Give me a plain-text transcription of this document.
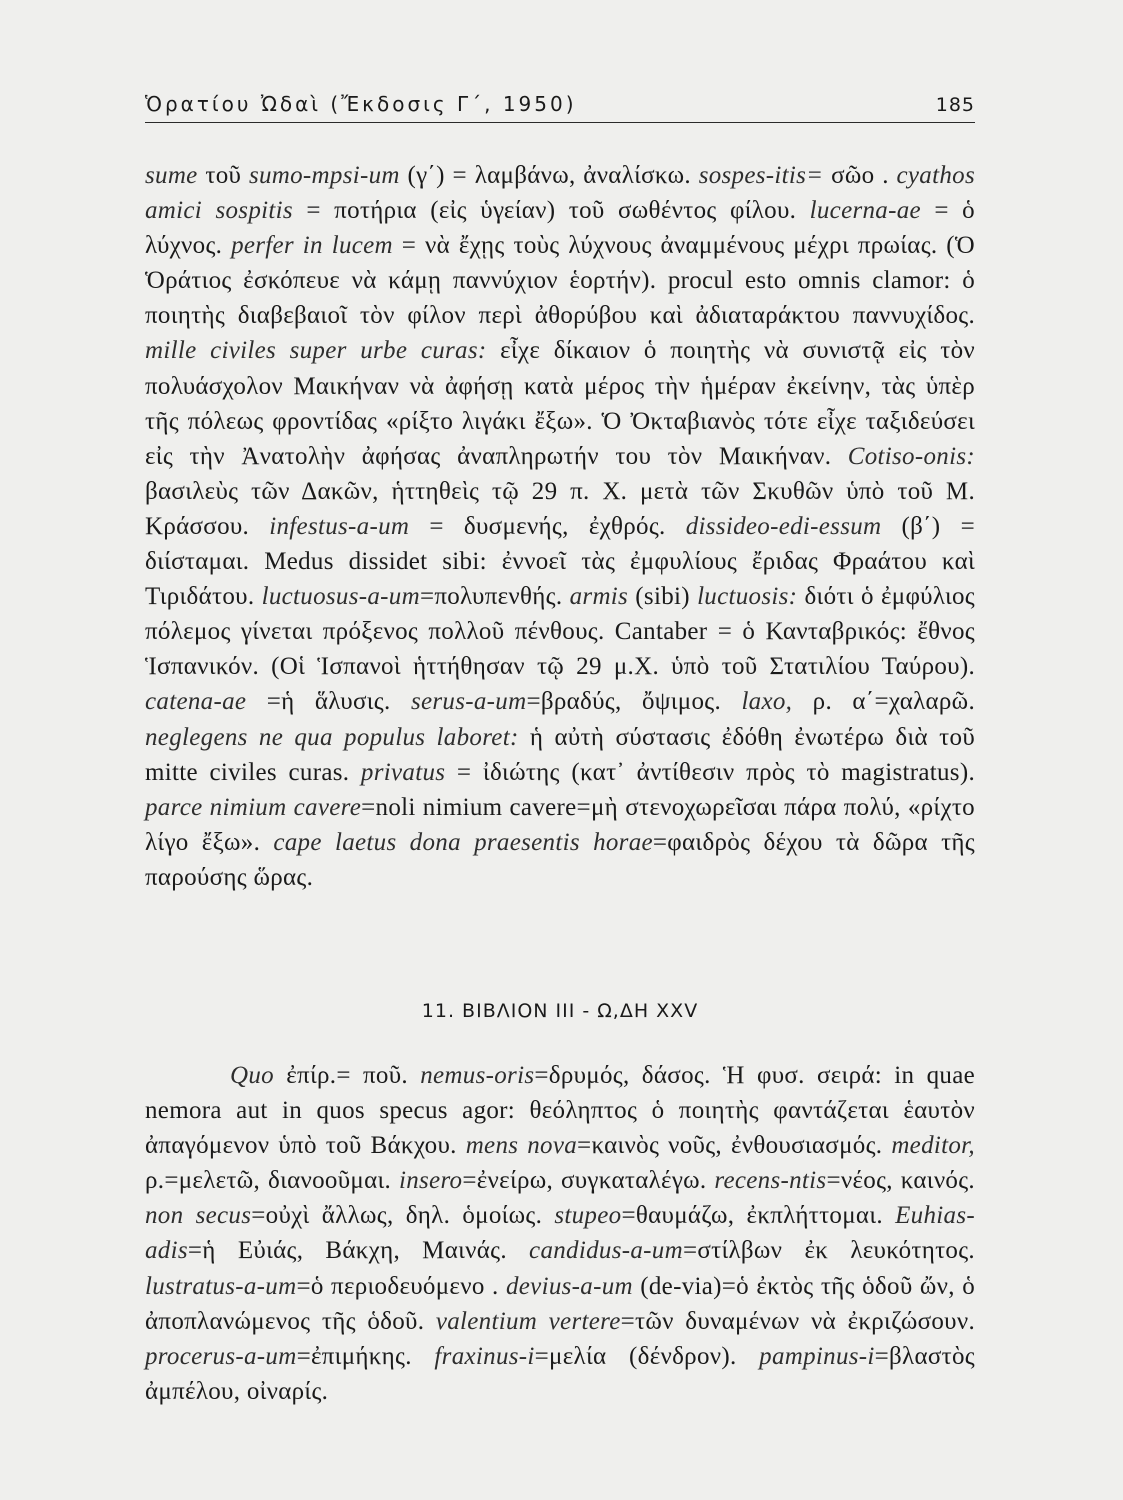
Ὁρατίου Ὠδαὶ (Ἔκδοσις Γ΄, 1950)	185

sume τοῦ sumo-mpsi-um (γ΄) = λαμβάνω, ἀναλίσκω. sospes-itis= σῶο . cyathos amici sospitis = ποτήρια (εἰς ὑγείαν) τοῦ σωθέντος φίλου. lucerna-ae = ὁ λύχνος. perfer in lucem = νὰ ἔχῃς τοὺς λύχνους ἀναμμένους μέχρι πρωίας. (Ὁ Ὁράτιος ἐσκόπευε νὰ κάμῃ παννύχιον ἑορτήν). procul esto omnis clamor: ὁ ποιητὴς διαβεβαιοῖ τὸν φίλον περὶ ἀθορύβου καὶ ἀδιαταράκτου παννυχίδος. mille civiles super urbe curas: εἶχε δίκαιον ὁ ποιητὴς νὰ συνιστᾷ εἰς τὸν πολυάσχολον Μαικήναν νὰ ἀφήσῃ κατὰ μέρος τὴν ἡμέραν ἐκείνην, τὰς ὑπὲρ τῆς πόλεως φροντίδας «ρίξτο λιγάκι ἔξω». Ὁ Ὀκταβιανὸς τότε εἶχε ταξιδεύσει εἰς τὴν Ἀνατολὴν ἀφήσας ἀναπληρωτήν του τὸν Μαικήναν. Cotiso-onis: βασιλεὺς τῶν Δακῶν, ἡττηθεὶς τῷ 29 π. Χ. μετὰ τῶν Σκυθῶν ὑπὸ τοῦ Μ. Κράσσου. infestus-a-um = δυσμενής, ἐχθρός. dissideo-edi-essum (β΄) = διίσταμαι. Medus dissidet sibi: ἐννοεῖ τὰς ἐμφυλίους ἔριδας Φραάτου καὶ Τιριδάτου. luctuosus-a-um=πολυπενθής. armis (sibi) luctuosis: διότι ὁ ἐμφύλιος πόλεμος γίνεται πρόξενος πολλοῦ πένθους. Cantaber = ὁ Κανταβρικός: ἔθνος Ἱσπανικόν. (Οἱ Ἱσπανοὶ ἡττήθησαν τῷ 29 μ.Χ. ὑπὸ τοῦ Στατιλίου Ταύρου). catena-ae =ἡ ἅλυσις. serus-a-um=βραδύς, ὄψιμος. laxo, ρ. α΄=χαλαρῶ. neglegens ne qua populus laboret: ἡ αὐτὴ σύστασις ἐδόθη ἐνωτέρω διὰ τοῦ mitte civiles curas. privatus = ἰδιώτης (κατ᾽ ἀντίθεσιν πρὸς τὸ magistratus). parce nimium cavere=noli nimium cavere=μὴ στενοχωρεῖσαι πάρα πολύ, «ρίχτο λίγο ἔξω». cape laetus dona praesentis horae=φαιδρὸς δέχου τὰ δῶρα τῆς παρούσης ὥρας.

11. ΒΙΒΛΙΟΝ III - Ω,ΔΗ XXV

Quo ἐπίρ.= ποῦ. nemus-oris=δρυμός, δάσος. Ἡ φυσ. σειρά: in quae nemora aut in quos specus agor: θεόληπτος ὁ ποιητὴς φαντάζεται ἑαυτὸν ἀπαγόμενον ὑπὸ τοῦ Βάκχου. mens nova=καινὸς νοῦς, ἐνθουσιασμός. meditor, ρ.=μελετῶ, διανοοῦμαι. insero=ἐνείρω, συγκαταλέγω. recens-ntis=νέος, καινός. non secus=οὐχὶ ἄλλως, δηλ. ὁμοίως. stupeo=θαυμάζω, ἐκπλήττομαι. Euhias-adis=ἡ Εὐιάς, Βάκχη, Μαινάς. candidus-a-um=στίλβων ἐκ λευκότητος. lustratus-a-um=ὁ περιοδευόμενο . devius-a-um (de-via)=ὁ ἐκτὸς τῆς ὁδοῦ ὤν, ὁ ἀποπλανώμενος τῆς ὁδοῦ. valentium vertere=τῶν δυναμένων νὰ ἐκριζώσουν. procerus-a-um=ἐπιμήκης. fraxinus-i=μελία (δένδρον). pampinus-i=βλαστὸς ἀμπέλου, οἰναρίς.
